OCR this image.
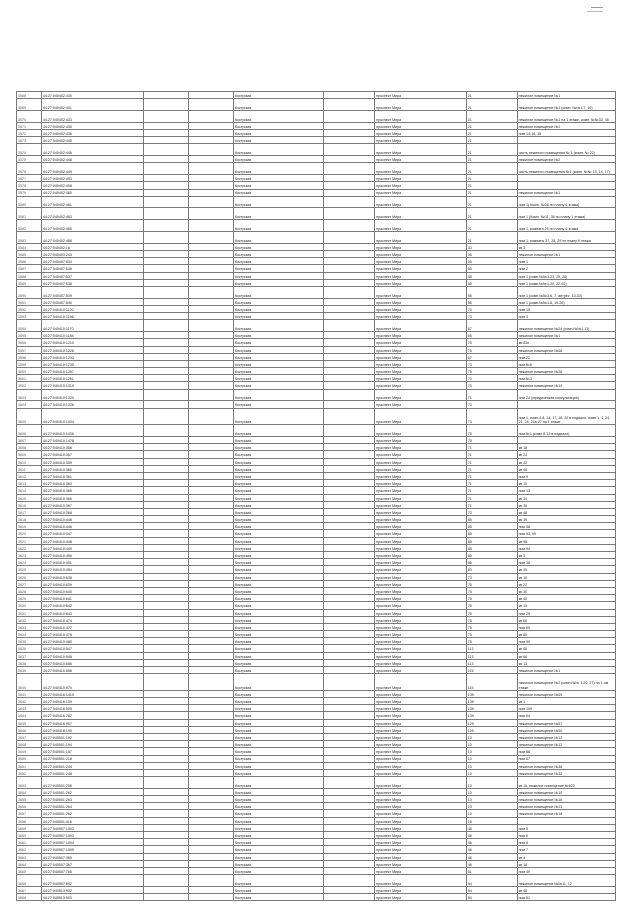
3568	44:27:040402:430			Кострома		проспект Мира	21	нежилое помещение №1
3569	44:27:040402:431			Кострома		проспект Мира	21	нежилое помещение №1 (комн. №№1-7, 16)
3570	44:27:040402:433			Кострома		проспект Мира	21	нежилое помещение №1 на 1 этаже, комн. №№33, 45
3571	44:27:040402:435			Кострома		проспект Мира	21	нежилое помещение №1
3572	44:27:040402:436			Кострома		проспект Мира	21	пом 14-16, 38
3573	44:27:040402:440			Кострома		проспект Мира	21	
3574	44:27:040402:446			Кострома		проспект Мира	21	часть нежилого помещения № 1 (комн. № 22)
3575	44:27:040402:448			Кострома		проспект Мира	21	нежилое помещение №2
3576	44:27:040402:449			Кострома		проспект Мира	21	часть нежилого помещения №1 (комн. №№ 13, 14, 17)
3577	44:27:040402:453			Кострома		проспект Мира	21	
3578	44:27:040402:458			Кострома		проспект Мира	21	
3579	44:27:040402:460			Кострома		проспект Мира	21	нежилое помещение №1
3580	44:27:040402:461			Кострома		проспект Мира	21	пом 1) Комн. №08 по плану 6 этажа)
3581	44:27:040402:463			Кострома		проспект Мира	21	пом 1 (Комн. №01, 36 по плану 1 этажа)
3582	44:27:040402:465			Кострома		проспект Мира	21	пом 1, комната 25 по плану 6 этажа
3583	44:27:040402:466			Кострома		проспект Мира	21	пом 1, комнаты 27, 28, 29 по плану 6 этажа
3584	44:27:040402:16			Кострома		проспект Мира	33	кв 3
3585	44:27:040403:243			Кострома		проспект Мира	35	нежилое помещение №1
3586	44:27:040407:534			Кострома		проспект Мира	55	пом 1
3587	44:27:040407:536			Кострома		проспект Мира	55	пом 2
3588	44:27:040407:537			Кострома		проспект Мира	55	пом 1 (комн.№№3-23, 25, 26)
3589	44:27:040407:538			Кострома		проспект Мира	55	пом 1 (комн.№№1-20, 22-92)
3590	44:27:040407:539			Кострома		проспект Мира	55	пом 1 (комн.№№3-6, 7, антрес. 10-33)
3591	44:27:040407:540			Кострома		проспект Мира	55	пом 1 (комн.№№1-6, 19-26)
3592	44:27:040410:1120			Кострома		проспект Мира	73	пом 15
3593	44:27:040410:1166			Кострома		проспект Мира	73	пом 3
3594	44:27:040410:1170			Кострома		проспект Мира	67	нежилое помещение №24 (комн.№№1-11)
3595	44:27:040410:1184			Кострома		проспект Мира	65	нежилое помещение №1
3596	44:27:040410:1210			Кострома		проспект Мира	75	кв 83н
3597	44:27:040410:1226			Кострома		проспект Мира	75	нежилое помещение №68
3598	44:27:040410:1233			Кострома		проспект Мира	67	пом.22
3599	44:27:040410:1235			Кострома		проспект Мира	73	пом.№8
3600	44:27:040410:1257			Кострома		проспект Мира	75	нежилое помещение №28
3601	44:27:040410:1261			Кострома		проспект Мира	73	пом.№3
3602	44:27:040410:1319			Кострома		проспект Мира	73	нежилое помещение №14
3603	44:27:040410:1320			Кострома		проспект Мира	71	пом 24 (юридическая консультация)
3604	44:27:040410:1326			Кострома		проспект Мира	73	
3605	44:27:040410:1434			Кострома		проспект Мира	73	пом 1, комн.4-8, 14, 17, 18, 20 в подвале, комн.1, 4, 24, 21, 24, 24а-27 на 1 этаже
3606	44:27:040410:1436			Кострома		проспект Мира	75	пом №1 (комн.б-13 в подвале)
3607	44:27:040410:1478			Кострома		проспект Мира	75	
3608	44:27:040410:356			Кострома		проспект Мира	71	кв 18
3609	44:27:040410:357			Кострома		проспект Мира	71	кв 24
3610	44:27:040410:359			Кострома		проспект Мира	71	кв 42
3611	44:27:040410:360			Кострома		проспект Мира	71	кв 46
3612	44:27:040410:361			Кострома		проспект Мира	71	пом 9
3613	44:27:040410:363			Кострома		проспект Мира	71	кв 10
3614	44:27:040410:365			Кострома		проспект Мира	71	пом 13
3615	44:27:040410:366			Кострома		проспект Мира	71	кв 34
3616	44:27:040410:367			Кострома		проспект Мира	71	кв 36
3617	44:27:040410:368			Кострома		проспект Мира	73	кв 48
3618	44:27:040410:446			Кострома		проспект Мира	85	кв 39
3619	44:27:040410:446			Кострома		проспект Мира	85	пом 58
3620	44:27:040410:447			Кострома		проспект Мира	85	пом 93, 99
3621	44:27:040410:448			Кострома		проспект Мира	85	кв 98
3622	44:27:040410:449			Кострома		проспект Мира	85	пом 94
3623	44:27:040410:450			Кострома		проспект Мира	85	кв 3
3624	44:27:040410:451			Кострома		проспект Мира	85	пом 38
3625	44:27:040410:454			Кострома		проспект Мира	83	кв 40
3626	44:27:040410:638			Кострома		проспект Мира	73	кв 10
3627	44:27:040410:639			Кострома		проспект Мира	75	кв 22
3628	44:27:040410:640			Кострома		проспект Мира	75	кв 30
3629	44:27:040410:641			Кострома		проспект Мира	75	кв 40
3630	44:27:040410:642			Кострома		проспект Мира	75	кв 19
3631	44:27:040410:643			Кострома		проспект Мира	75	пом 29
3632	44:27:040410:474			Кострома		проспект Мира	75	кв 60
3633	44:27:040410:477			Кострома		проспект Мира	75	пом 69
3634	44:27:040410:478			Кострома		проспект Мира	75	кв 80
3635	44:27:040410:480			Кострома		проспект Мира	75	пом 90
3636	44:27:040410:547			Кострома		проспект Мира	113	кв 65
3637	44:27:040410:548			Кострома		проспект Мира	113	кв 66
3638	44:27:040410:656			Кострома		проспект Мира	113	кв 13
3639	44:27:040410:656			Кострома		проспект Мира	115	нежилое помещение №1
3640	44:27:040410:970			Кострома		проспект Мира	115	нежилое помещение №2 (комн.№№ 1-20, 27) на 1-ом этаже
3641	44:27:040416:1410			Кострома		проспект Мира	139	нежилое помещение №69
3642	44:27:040416:139			Кострома		проспект Мира	139	кв 1
3643	44:27:040416:505			Кострома		проспект Мира	139	пом 109
3644	44:27:040416:787			Кострома		проспект Мира	139	пом 64
3645	44:27:040416:957			Кострома		проспект Мира	129	нежилое помещение №57
3646	44:27:040418:190			Кострома		проспект Мира	129	нежилое помещение №50
3647	44:27:040501:192			Кострома		проспект Мира	10	нежилое помещение №12
3648	44:27:040501:194			Кострома		проспект Мира	10	нежилое помещение №12
3649	44:27:040501:157			Кострома		проспект Мира	10	пом 88
3650	44:27:040501:218			Кострома		проспект Мира	10	пом 67
3651	44:27:040501:244			Кострома		проспект Мира	10	нежилое помещение №48
3652	44:27:040501:248			Кострома		проспект Мира	10	нежилое помещение №32
3653	44:27:040501:256			Кострома		проспект Мира	10	кв.16, нежилое помещение №820
3654	44:27:040501:262			Кострома		проспект Мира	10	нежилое помещение №10
3655	44:27:040501:263			Кострома		проспект Мира	10	нежилое помещение №16
3656	44:27:040501:264			Кострома		проспект Мира	10	нежилое помещение №13
3657	44:27:040501:282			Кострома		проспект Мира	10	нежилое помещение №18
3658	44:27:040501:416			Кострома		проспект Мира	16	
3659	44:27:040507:1003			Кострома		проспект Мира	46	пом 5
3660	44:27:040507:1003			Кострома		проспект Мира	46	пом 6
3661	44:27:040507:1004			Кострома		проспект Мира	46	пом 8
3662	44:27:040507:1005			Кострома		проспект Мира	46	пом 7
3663	44:27:040507:365			Кострома		проспект Мира	46	кв 4
3664	44:27:040507:367			Кострома		проспект Мира	46	кв 18
3665	44:27:040507:765			Кострома		проспект Мира	51	пом 49
3666	44:27:040507:892			Кострома		проспект Мира	94	нежилое помещение №№11, 12
3667	44:27:040513:902			Кострома		проспект Мира	94	кв 48
3668	44:27:040513:903			Кострома		проспект Мира	94	пом 51
